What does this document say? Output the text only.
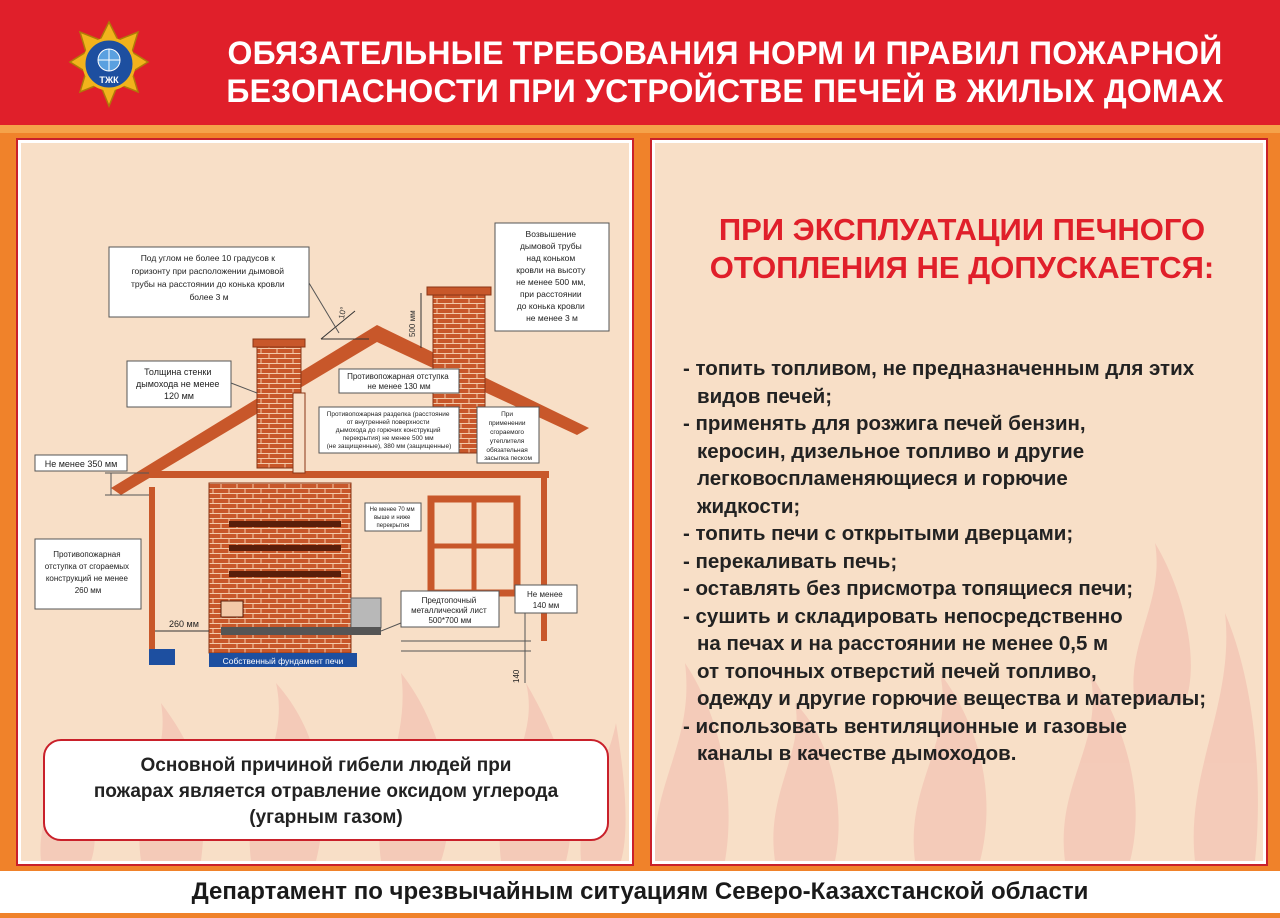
ТЖК
ОБЯЗАТЕЛЬНЫЕ ТРЕБОВАНИЯ НОРМ И ПРАВИЛ ПОЖАРНОЙ
БЕЗОПАСНОСТИ ПРИ УСТРОЙСТВЕ ПЕЧЕЙ В ЖИЛЫХ ДОМАХ
Собственный фундамент печи
10°	500 мм
Под углом не более 10 градусов к горизонту при расположении дымовой трубы на расстоянии до конька кровли более 3 м
Возвышение дымовой трубы над коньком кровли на высоту не менее 500 мм, при расстоянии до конька кровли не менее 3 м
Толщина стенки дымохода не менее 120 мм
Противопожарная отступка не менее 130 мм
Противопожарная разделка (расстояние от внутренней поверхности дымохода до горючих конструкций перекрытия) не менее 500 мм (не защищенные), 380 мм (защищенные)
При применении сгораемого утеплителя обязательная засыпка песком
Не менее 350 мм
Не менее 70 мм выше и ниже перекрытия
Противопожарная отступка от сгораемых конструкций не менее 260 мм
260 мм
Предтопочный металлический лист 500*700 мм
Не менее 140 мм
140
Основной причиной гибели людей при
пожарах является отравление оксидом углерода
(угарным газом)
ПРИ ЭКСПЛУАТАЦИИ ПЕЧНОГО
ОТОПЛЕНИЯ НЕ ДОПУСКАЕТСЯ:
- топить топливом, не предназначенным для этих
видов печей;
- применять для розжига печей бензин,
керосин, дизельное топливо и другие
легковоспламеняющиеся и горючие
жидкости;
- топить печи с открытыми дверцами;
- перекаливать печь;
- оставлять без присмотра топящиеся печи;
- сушить и складировать непосредственно
на печах и на расстоянии не менее 0,5 м
от топочных отверстий печей топливо,
одежду и другие горючие вещества и материалы;
- использовать вентиляционные и газовые
каналы в качестве дымоходов.
Департамент по чрезвычайным ситуациям Северо-Казахстанской области
